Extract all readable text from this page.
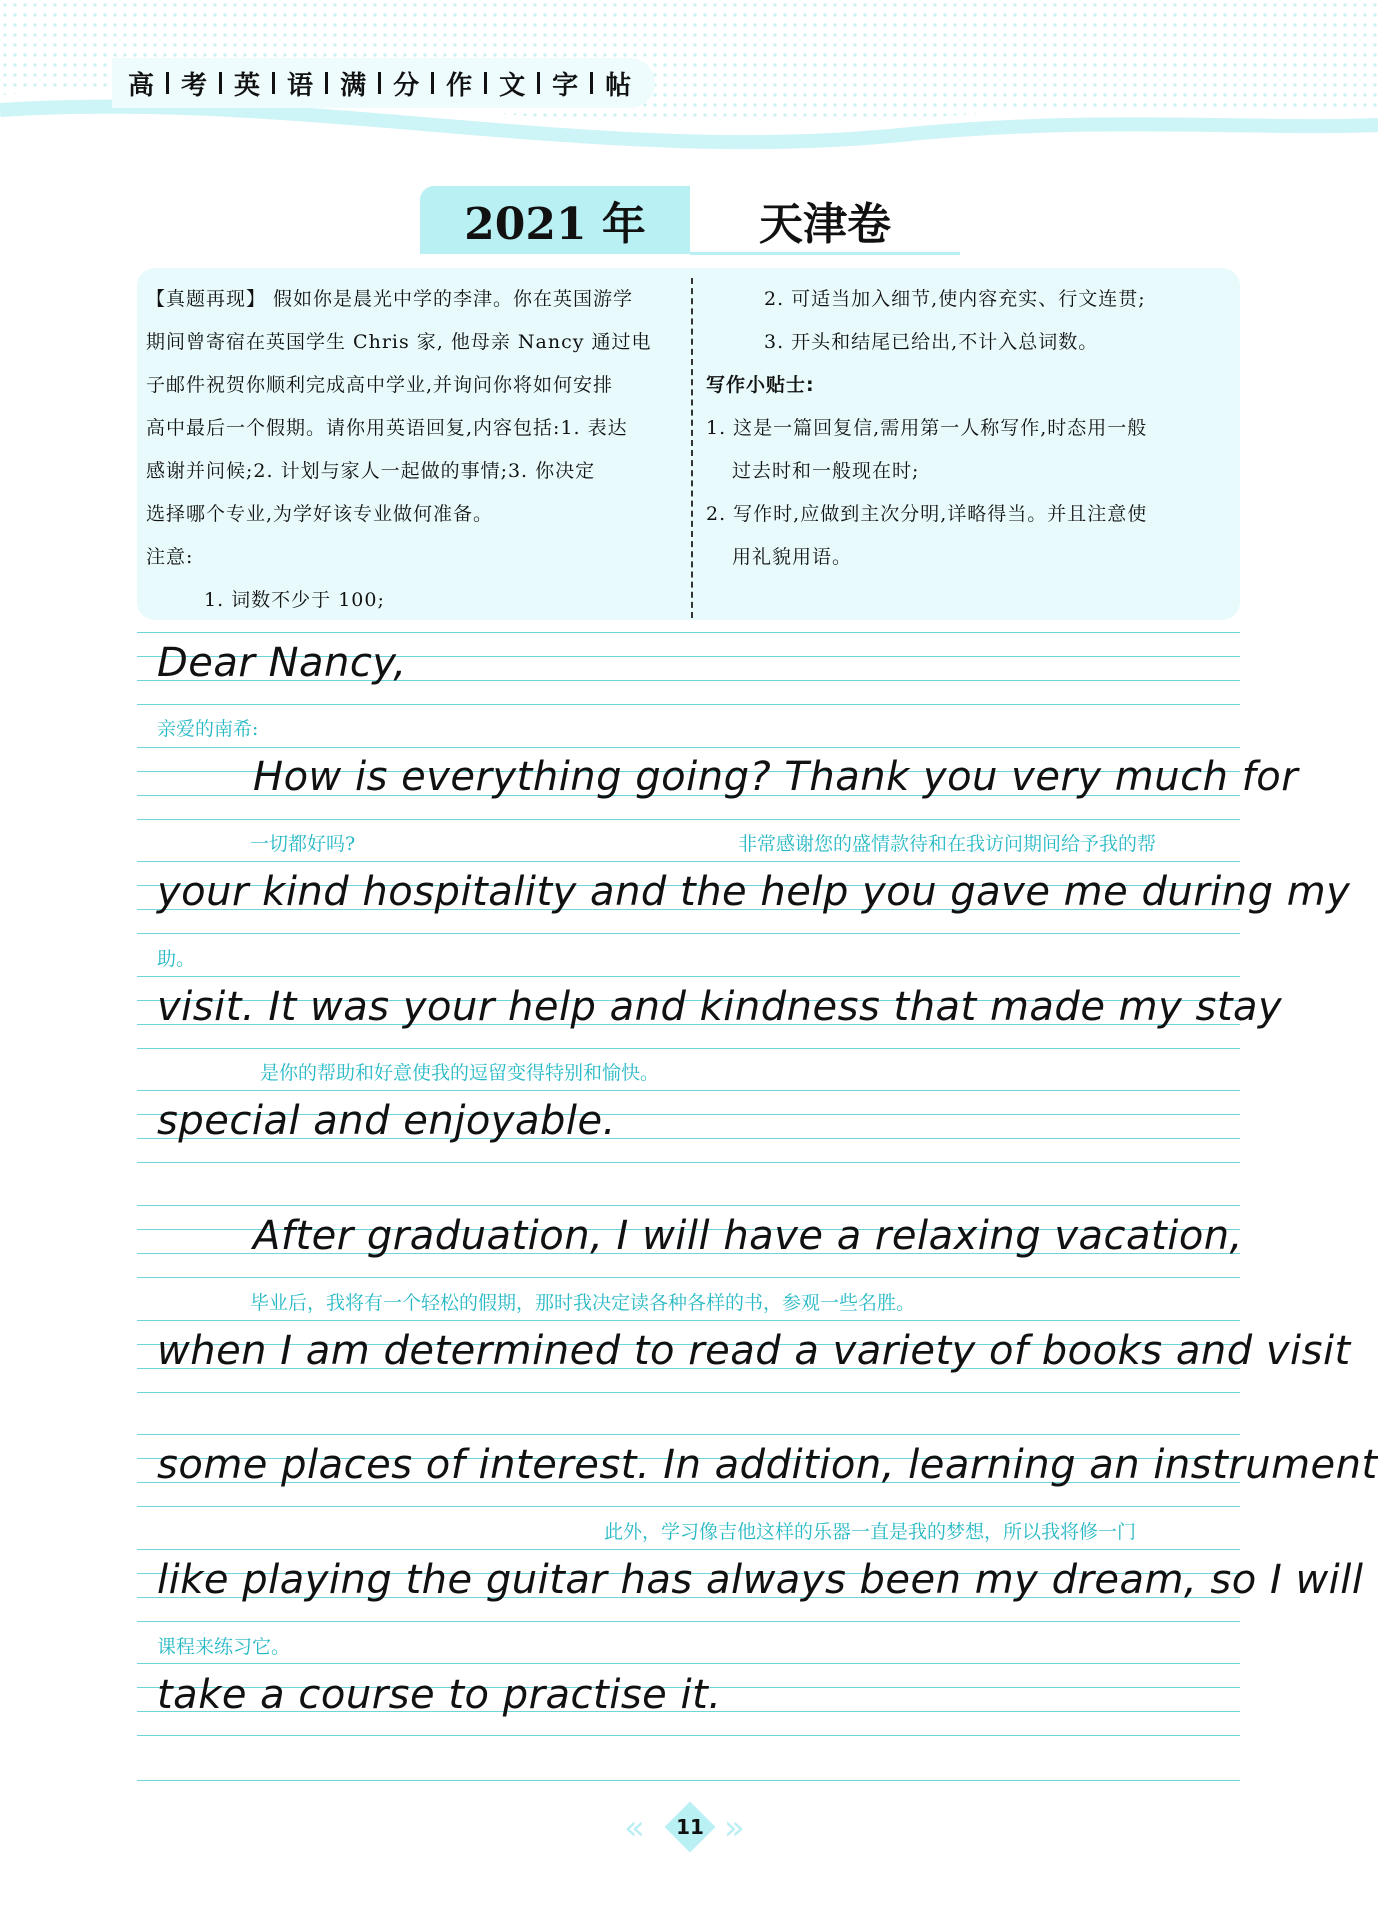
高 考 英 语 满 分 作 文 字 帖
2021 年	天津卷
【真题再现】 假如你是晨光中学的李津。你在英国游学
期间曾寄宿在英国学生 Chris 家, 他母亲 Nancy 通过电
子邮件祝贺你顺利完成高中学业,并询问你将如何安排
高中最后一个假期。请你用英语回复,内容包括:1. 表达
感谢并问候;2. 计划与家人一起做的事情;3. 你决定
选择哪个专业,为学好该专业做何准备。
注意:
1. 词数不少于 100;
2. 可适当加入细节,使内容充实、行文连贯;
3. 开头和结尾已给出,不计入总词数。
写作小贴士:
1. 这是一篇回复信,需用第一人称写作,时态用一般
过去时和一般现在时;
2. 写作时,应做到主次分明,详略得当。并且注意使
用礼貌用语。
Dear Nancy,
亲爱的南希:
How is everything going? Thank you very much for
一切都好吗?	非常感谢您的盛情款待和在我访问期间给予我的帮
your kind hospitality and the help you gave me during my
助。
visit. It was your help and kindness that made my stay
是你的帮助和好意使我的逗留变得特别和愉快。
special and enjoyable.
After graduation, I will have a relaxing vacation,
毕业后，我将有一个轻松的假期，那时我决定读各种各样的书，参观一些名胜。
when I am determined to read a variety of books and visit
some places of interest. In addition, learning an instrument
此外，学习像吉他这样的乐器一直是我的梦想，所以我将修一门
like playing the guitar has always been my dream, so I will
课程来练习它。
take a course to practise it.
«	»
11
